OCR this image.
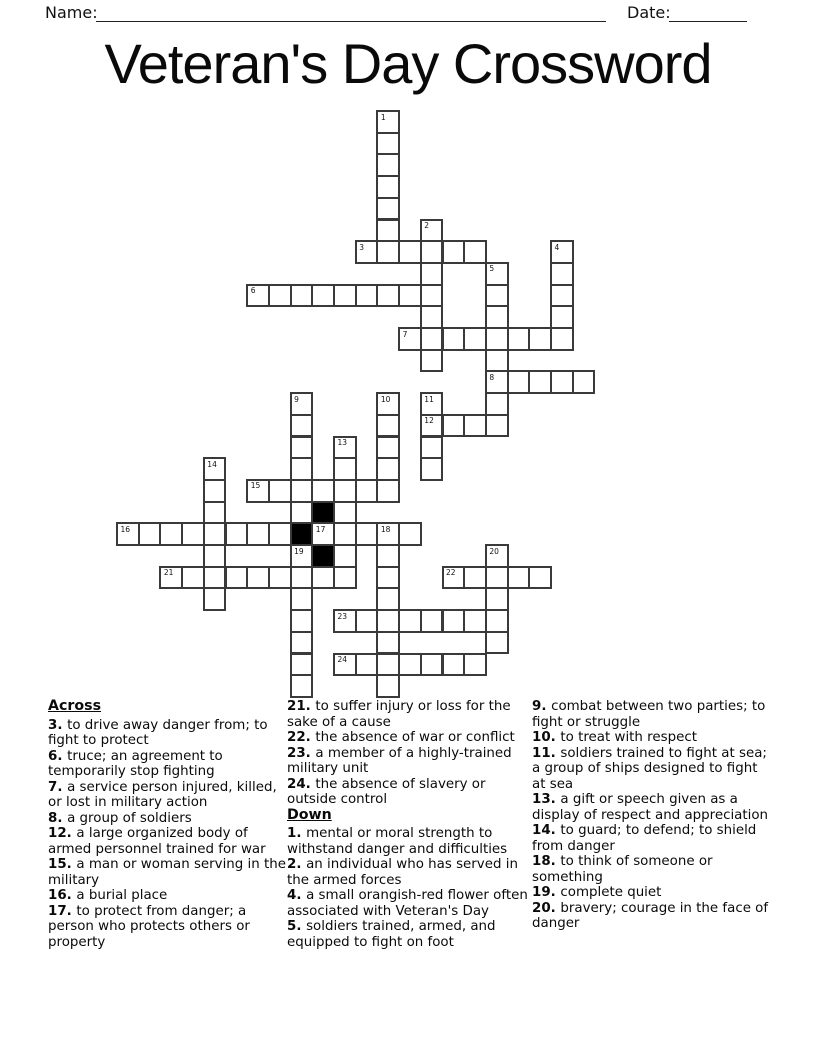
Name:	Date:
Veteran's Day Crossword
1
2
3	4
5
8
6
7
9	10	11
12
13
14
15
16	17	18
19	20
21	22
23
24
Across
3. to drive away danger from; to fight to protect
6. truce; an agreement to temporarily stop fighting
7. a service person injured, killed, or lost in military action
8. a group of soldiers
12. a large organized body of armed personnel trained for war
15. a man or woman serving in the military
16. a burial place
17. to protect from danger; a person who protects others or property
21. to suffer injury or loss for the sake of a cause
22. the absence of war or conflict
23. a member of a highly-trained military unit
24. the absence of slavery or outside control
Down
1. mental or moral strength to withstand danger and difficulties
2. an individual who has served in the armed forces
4. a small orangish-red flower often associated with Veteran's Day
5. soldiers trained, armed, and equipped to fight on foot
9. combat between two parties; to fight or struggle
10. to treat with respect
11. soldiers trained to fight at sea; a group of ships designed to fight at sea
13. a gift or speech given as a display of respect and appreciation
14. to guard; to defend; to shield from danger
18. to think of someone or something
19. complete quiet
20. bravery; courage in the face of danger
